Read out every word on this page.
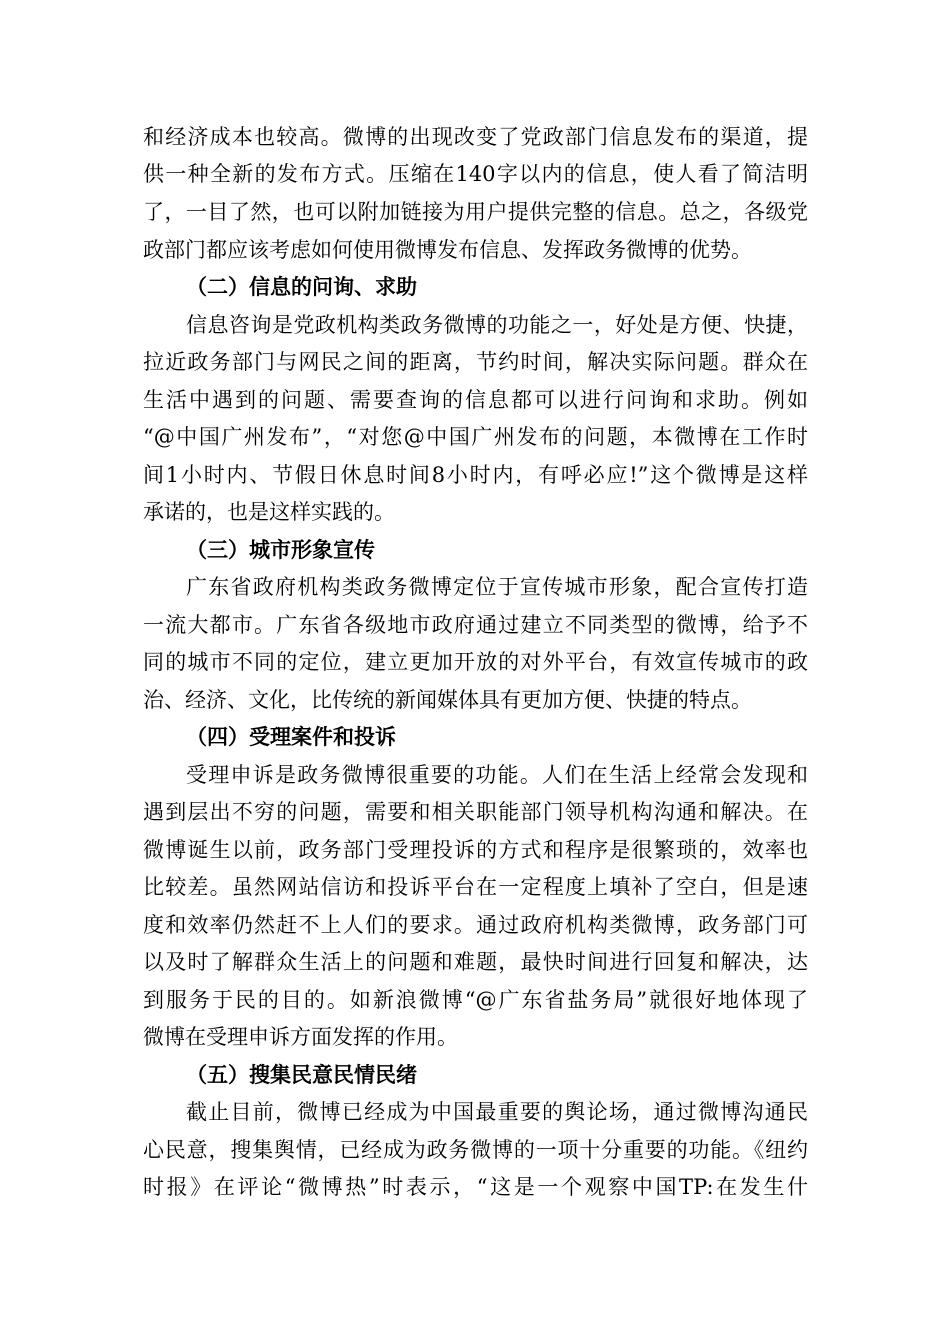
和经济成本也较高。微博的出现改变了党政部门信息发布的渠道，提
供一种全新的发布方式。压缩在140字以内的信息，使人看了简洁明
了，一目了然，也可以附加链接为用户提供完整的信息。总之，各级党
政部门都应该考虑如何使用微博发布信息、发挥政务微博的优势。
（二）信息的问询、求助
信息咨询是党政机构类政务微博的功能之一，好处是方便、快捷，
拉近政务部门与网民之间的距离，节约时间，解决实际问题。群众在
生活中遇到的问题、需要查询的信息都可以进行问询和求助。例如
“@中国广州发布”，“对您@中国广州发布的问题，本微博在工作时
间1小时内、节假日休息时间8小时内，有呼必应!”这个微博是这样
承诺的，也是这样实践的。
（三）城市形象宣传
广东省政府机构类政务微博定位于宣传城市形象，配合宣传打造
一流大都市。广东省各级地市政府通过建立不同类型的微博，给予不
同的城市不同的定位，建立更加开放的对外平台，有效宣传城市的政
治、经济、文化，比传统的新闻媒体具有更加方便、快捷的特点。
（四）受理案件和投诉
受理申诉是政务微博很重要的功能。人们在生活上经常会发现和
遇到层出不穷的问题，需要和相关职能部门领导机构沟通和解决。在
微博诞生以前，政务部门受理投诉的方式和程序是很繁琐的，效率也
比较差。虽然网站信访和投诉平台在一定程度上填补了空白，但是速
度和效率仍然赶不上人们的要求。通过政府机构类微博，政务部门可
以及时了解群众生活上的问题和难题，最快时间进行回复和解决，达
到服务于民的目的。如新浪微博“@广东省盐务局”就很好地体现了
微博在受理申诉方面发挥的作用。
（五）搜集民意民情民绪
截止目前，微博已经成为中国最重要的舆论场，通过微博沟通民
心民意，搜集舆情，已经成为政务微博的一项十分重要的功能。《纽约
时报》在评论“微博热”时表示，“这是一个观察中国TP:在发生什
